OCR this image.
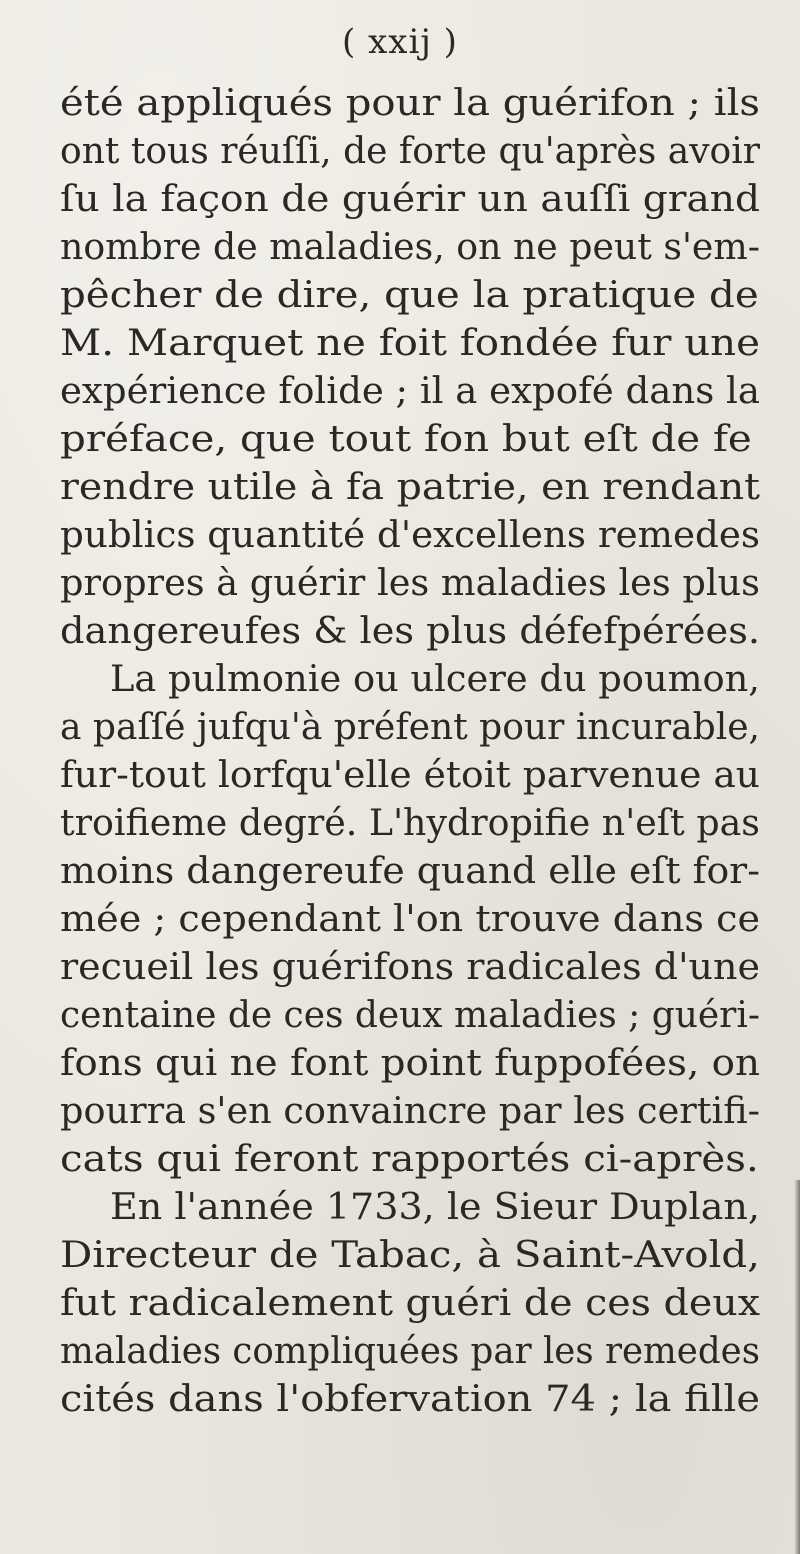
( xxij )
été appliqués pour la guérifon ; ils
ont tous réuſſi, de forte qu'après avoir
ſu la façon de guérir un auſſi grand
nombre de maladies, on ne peut s'em-
pêcher de dire, que la pratique de
M. Marquet ne foit fondée fur une
expérience folide ; il a expofé dans la
préface, que tout fon but eſt de fe
rendre utile à fa patrie, en rendant
publics quantité d'excellens remedes
propres à guérir les maladies les plus
dangereufes & les plus défefpérées.
La pulmonie ou ulcere du poumon,
a paſſé jufqu'à préfent pour incurable,
fur-tout lorfqu'elle étoit parvenue au
troifieme degré. L'hydropifie n'eſt pas
moins dangereufe quand elle eſt for-
mée ; cependant l'on trouve dans ce
recueil les guérifons radicales d'une
centaine de ces deux maladies ; guéri-
fons qui ne font point fuppofées, on
pourra s'en convaincre par les certifi-
cats qui feront rapportés ci-après.
En l'année 1733, le Sieur Duplan,
Directeur de Tabac, à Saint-Avold,
fut radicalement guéri de ces deux
maladies compliquées par les remedes
cités dans l'obfervation 74 ; la fille
